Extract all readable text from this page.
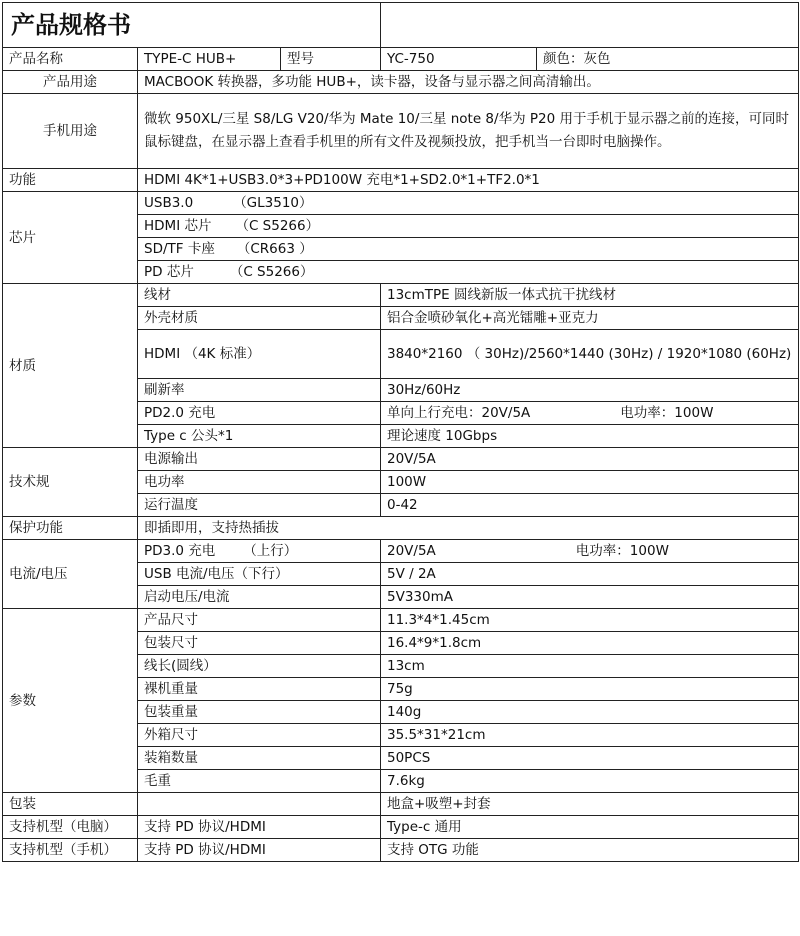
产品规格书				
产品名称	TYPE-C HUB+	型号	YC-750	颜色：灰色
产品用途	MACBOOK 转换器，多功能 HUB+，读卡器，设备与显示器之间高清输出。			
手机用途	微软 950XL/三星 S8/LG V20/华为 Mate 10/三星 note 8/华为 P20 用于手机于显示器之前的连接，可同时鼠标键盘，在显示器上查看手机里的所有文件及视频投放，把手机当一台即时电脑操作。			
功能	HDMI 4K*1+USB3.0*3+PD100W 充电*1+SD2.0*1+TF2.0*1			
芯片	USB3.0 （GL3510）			
	HDMI 芯片 （C S5266）			
	SD/TF 卡座 （CR663 ）			
	PD 芯片 （C S5266）			
材质	线材		13cmTPE 圆线新版一体式抗干扰线材	
	外壳材质		铝合金喷砂氧化+高光镭雕+亚克力	
	HDMI （4K 标准）		3840*2160 （ 30Hz)/2560*1440 (30Hz) / 1920*1080 (60Hz)	
	刷新率		30Hz/60Hz	
	PD2.0 充电		单向上行充电：20V/5A 电功率：100W	
	Type c 公头*1		理论速度 10Gbps	
技术规	电源输出		20V/5A	
	电功率		100W	
	运行温度		0-42	
保护功能	即插即用，支持热插拔			
电流/电压	PD3.0 充电 （上行）		20V/5A 电功率：100W	
	USB 电流/电压（下行）		5V / 2A	
	启动电压/电流		5V330mA	
参数	产品尺寸		11.3*4*1.45cm	
	包装尺寸		16.4*9*1.8cm	
	线长(圆线）		13cm	
	裸机重量		75g	
	包装重量		140g	
	外箱尺寸		35.5*31*21cm	
	装箱数量		50PCS	
	毛重		7.6kg	
包装			地盒+吸塑+封套	
支持机型（电脑）	支持 PD 协议/HDMI		Type-c 通用	
支持机型（手机）	支持 PD 协议/HDMI		支持 OTG 功能	
